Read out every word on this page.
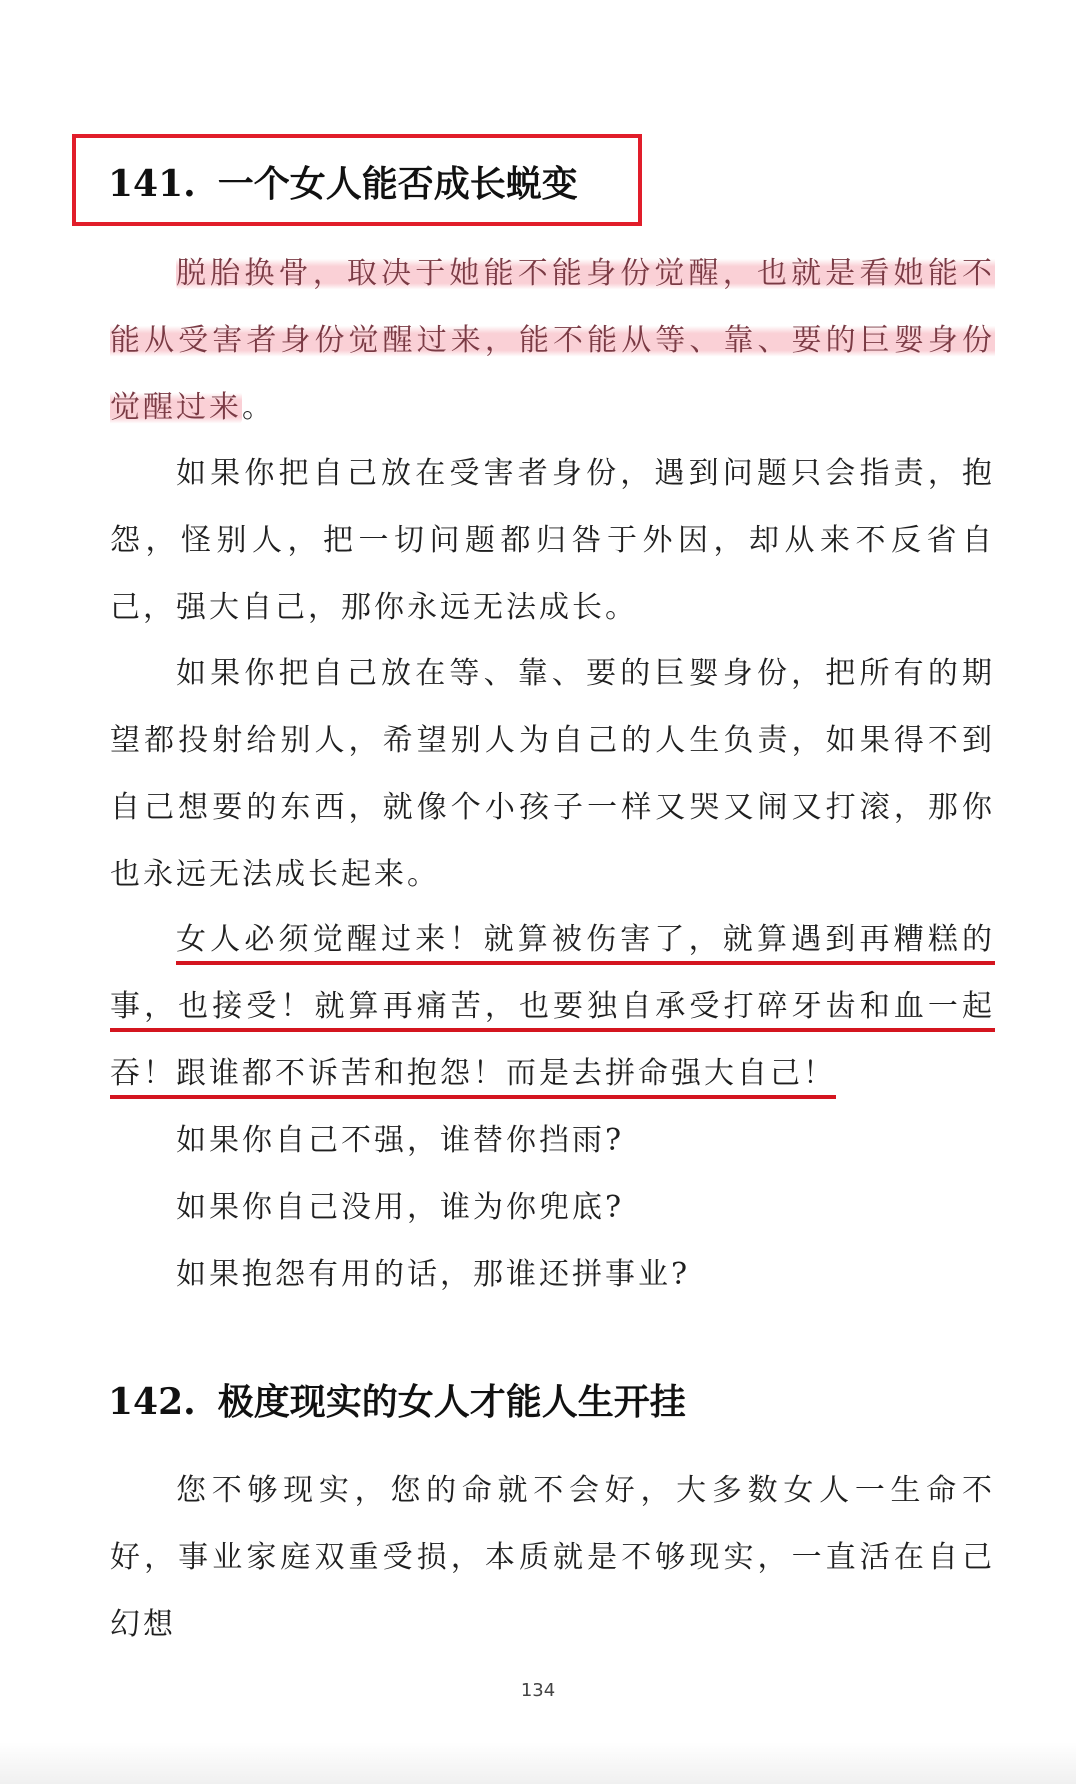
141. 一个女人能否成长蜕变

脱胎换骨，取决于她能不能身份觉醒，也就是看她能不能从受害者身份觉醒过来，能不能从等、靠、要的巨婴身份觉醒过来。

如果你把自己放在受害者身份，遇到问题只会指责，抱怨，怪别人，把一切问题都归咎于外因，却从来不反省自己，强大自己，那你永远无法成长。

如果你把自己放在等、靠、要的巨婴身份，把所有的期望都投射给别人，希望别人为自己的人生负责，如果得不到自己想要的东西，就像个小孩子一样又哭又闹又打滚，那你也永远无法成长起来。

女人必须觉醒过来！就算被伤害了，就算遇到再糟糕的事，也接受！就算再痛苦，也要独自承受打碎牙齿和血一起吞！跟谁都不诉苦和抱怨！而是去拼命强大自己！

如果你自己不强，谁替你挡雨?

如果你自己没用，谁为你兜底?

如果抱怨有用的话，那谁还拼事业?

142. 极度现实的女人才能人生开挂

您不够现实，您的命就不会好，大多数女人一生命不好，事业家庭双重受损，本质就是不够现实，一直活在自己幻想

134
